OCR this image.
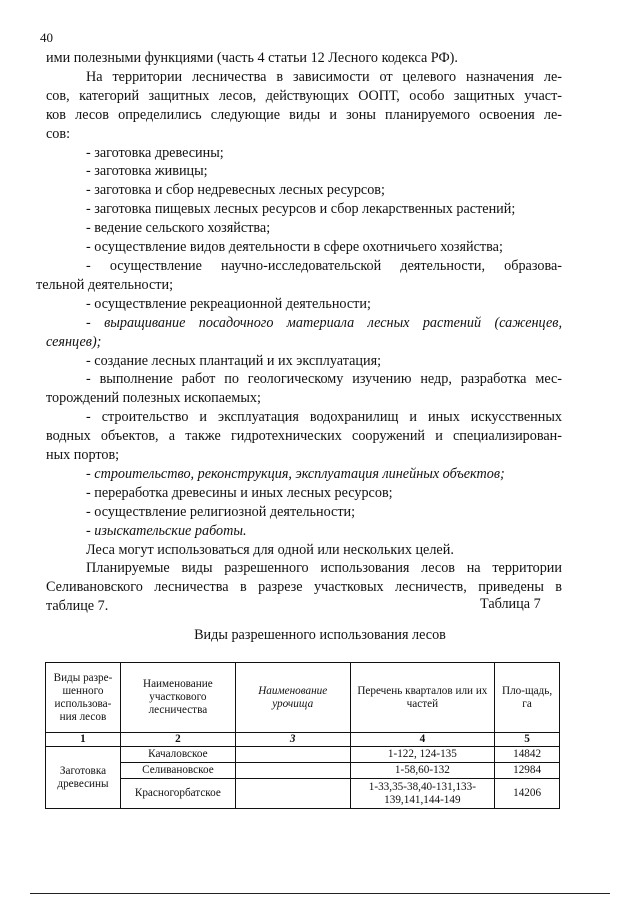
40
ими полезными функциями (часть 4 статьи 12 Лесного кодекса РФ).
На территории лесничества в зависимости от целевого назначения ле-
сов, категорий защитных лесов, действующих ООПТ, особо защитных участ-
ков лесов определились следующие виды и зоны планируемого освоения ле-
сов:
- заготовка древесины;
- заготовка живицы;
- заготовка и сбор недревесных лесных ресурсов;
- заготовка пищевых лесных ресурсов и сбор лекарственных растений;
- ведение сельского хозяйства;
- осуществление видов деятельности в сфере охотничьего хозяйства;
- осуществление научно-исследовательской деятельности, образова-
тельной деятельности;
- осуществление рекреационной деятельности;
- выращивание посадочного материала лесных растений (саженцев,
сеянцев);
- создание лесных плантаций и их эксплуатация;
- выполнение работ по геологическому изучению недр, разработка мес-
торождений полезных ископаемых;
- строительство и эксплуатация водохранилищ и иных искусственных
водных объектов, а также гидротехнических сооружений и специализирован-
ных портов;
- строительство, реконструкция, эксплуатация линейных объектов;
- переработка древесины и иных лесных ресурсов;
- осуществление религиозной деятельности;
- изыскательские работы.
Леса могут использоваться для одной или нескольких целей.
Планируемые виды разрешенного использования лесов на территории
Селивановского лесничества в разрезе участковых лесничеств, приведены в
таблице 7.	Таблица 7
Виды разрешенного использования лесов
Виды разре-шенного использова-ния лесов	Наименование участкового лесничества	Наименование урочища	Перечень кварталов или их частей	Пло-щадь, га
1	2	3	4	5
Заготовка древесины	Качаловское		1-122, 124-135	14842
	Селивановское		1-58,60-132	12984
	Красногорбатское		1-33,35-38,40-131,133-139,141,144-149	14206
